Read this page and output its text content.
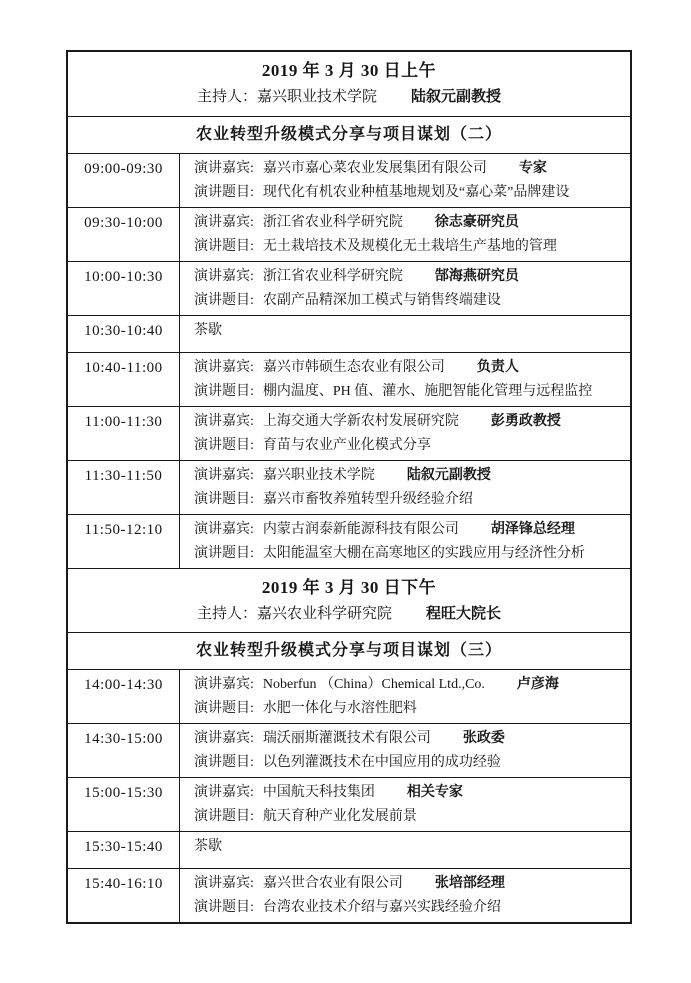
2019 年 3 月 30 日上午
主持人：嘉兴职业技术学院 陆叙元副教授
农业转型升级模式分享与项目谋划（二）
09:00-09:30	演讲嘉宾: 嘉兴市嘉心菜农业发展集团有限公司 专家
演讲题目: 现代化有机农业种植基地规划及“嘉心菜”品牌建设
09:30-10:00	演讲嘉宾: 浙江省农业科学研究院 徐志豪研究员
演讲题目: 无土栽培技术及规模化无土栽培生产基地的管理
10:00-10:30	演讲嘉宾: 浙江省农业科学研究院 郜海燕研究员
演讲题目: 农副产品精深加工模式与销售终端建设
10:30-10:40	茶歇
10:40-11:00	演讲嘉宾: 嘉兴市韩硕生态农业有限公司 负责人
演讲题目: 棚内温度、PH 值、灌水、施肥智能化管理与远程监控
11:00-11:30	演讲嘉宾: 上海交通大学新农村发展研究院 彭勇政教授
演讲题目: 育苗与农业产业化模式分享
11:30-11:50	演讲嘉宾: 嘉兴职业技术学院 陆叙元副教授
演讲题目: 嘉兴市畜牧养殖转型升级经验介绍
11:50-12:10	演讲嘉宾: 内蒙古润泰新能源科技有限公司 胡泽锋总经理
演讲题目: 太阳能温室大棚在高寒地区的实践应用与经济性分析
2019 年 3 月 30 日下午
主持人：嘉兴农业科学研究院 程旺大院长
农业转型升级模式分享与项目谋划（三）
14:00-14:30	演讲嘉宾: Noberfun （China）Chemical Ltd.,Co. 卢彦海
演讲题目: 水肥一体化与水溶性肥料
14:30-15:00	演讲嘉宾: 瑞沃丽斯灌溉技术有限公司 张政委
演讲题目: 以色列灌溉技术在中国应用的成功经验
15:00-15:30	演讲嘉宾: 中国航天科技集团 相关专家
演讲题目: 航天育种产业化发展前景
15:30-15:40	茶歇
15:40-16:10	演讲嘉宾: 嘉兴世合农业有限公司 张培部经理
演讲题目: 台湾农业技术介绍与嘉兴实践经验介绍
